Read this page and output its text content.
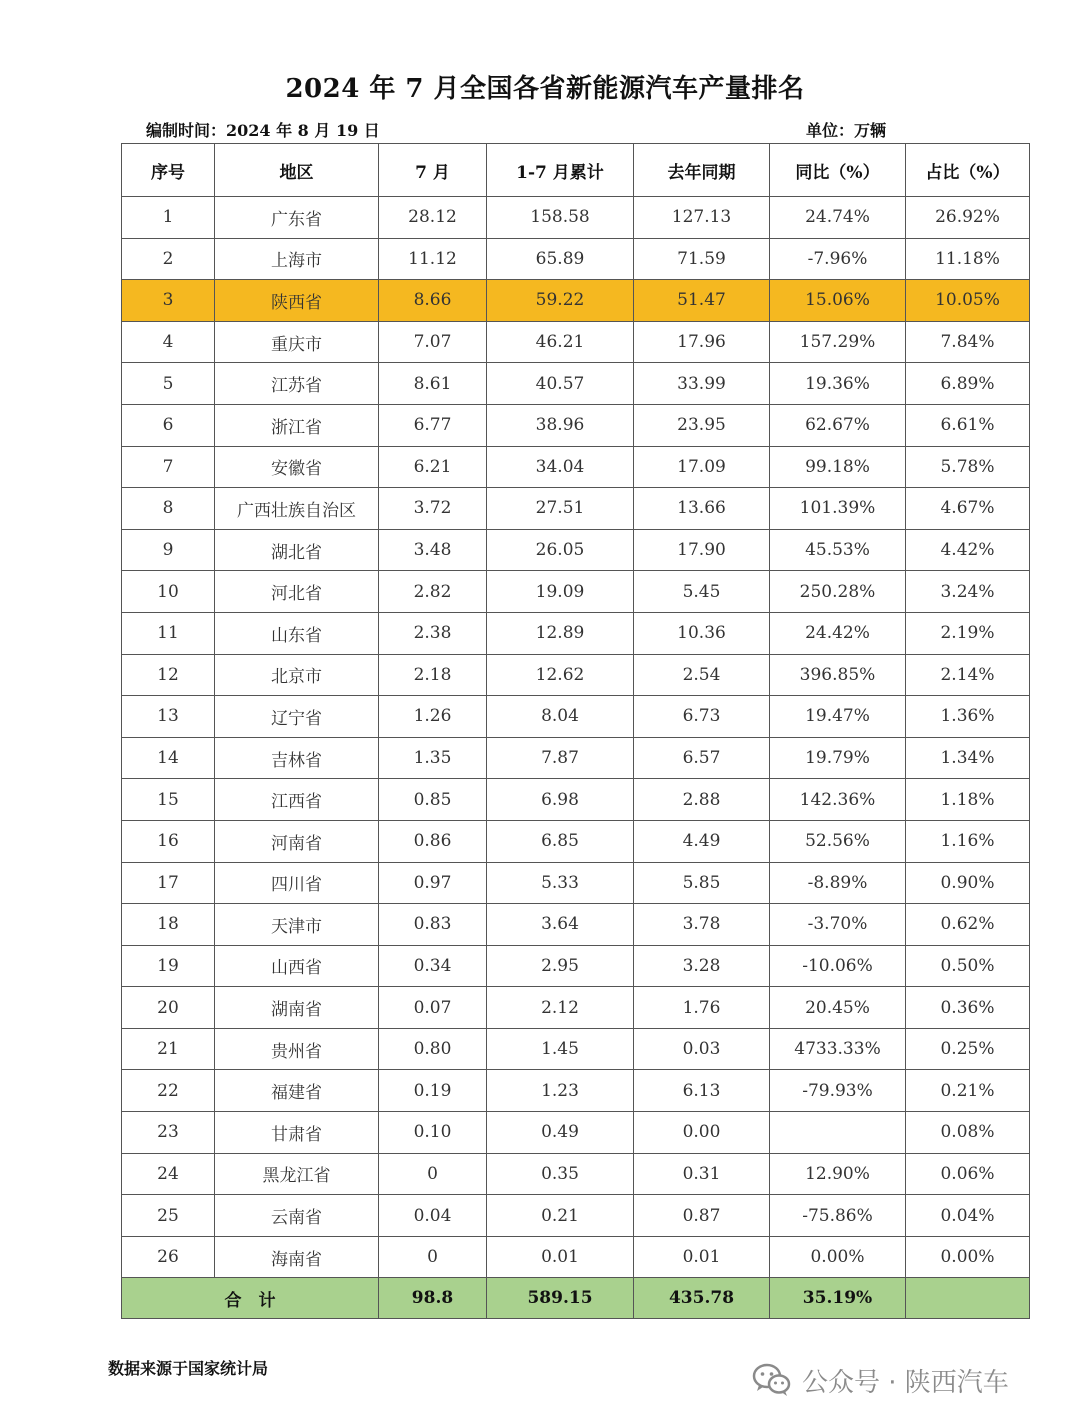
2024 年 7 月全国各省新能源汽车产量排名
编制时间：2024 年 8 月 19 日	单位：万辆
序号	地区	7 月	1-7 月累计	去年同期	同比（%）	占比（%）
1	广东省	28.12	158.58	127.13	24.74%	26.92%
2	上海市	11.12	65.89	71.59	-7.96%	11.18%
3	陕西省	8.66	59.22	51.47	15.06%	10.05%
4	重庆市	7.07	46.21	17.96	157.29%	7.84%
5	江苏省	8.61	40.57	33.99	19.36%	6.89%
6	浙江省	6.77	38.96	23.95	62.67%	6.61%
7	安徽省	6.21	34.04	17.09	99.18%	5.78%
8	广西壮族自治区	3.72	27.51	13.66	101.39%	4.67%
9	湖北省	3.48	26.05	17.90	45.53%	4.42%
10	河北省	2.82	19.09	5.45	250.28%	3.24%
11	山东省	2.38	12.89	10.36	24.42%	2.19%
12	北京市	2.18	12.62	2.54	396.85%	2.14%
13	辽宁省	1.26	8.04	6.73	19.47%	1.36%
14	吉林省	1.35	7.87	6.57	19.79%	1.34%
15	江西省	0.85	6.98	2.88	142.36%	1.18%
16	河南省	0.86	6.85	4.49	52.56%	1.16%
17	四川省	0.97	5.33	5.85	-8.89%	0.90%
18	天津市	0.83	3.64	3.78	-3.70%	0.62%
19	山西省	0.34	2.95	3.28	-10.06%	0.50%
20	湖南省	0.07	2.12	1.76	20.45%	0.36%
21	贵州省	0.80	1.45	0.03	4733.33%	0.25%
22	福建省	0.19	1.23	6.13	-79.93%	0.21%
23	甘肃省	0.10	0.49	0.00		0.08%
24	黑龙江省	0	0.35	0.31	12.90%	0.06%
25	云南省	0.04	0.21	0.87	-75.86%	0.04%
26	海南省	0	0.01	0.01	0.00%	0.00%
合　计		98.8	589.15	435.78	35.19%	
数据来源于国家统计局	公众号 · 陕西汽车
